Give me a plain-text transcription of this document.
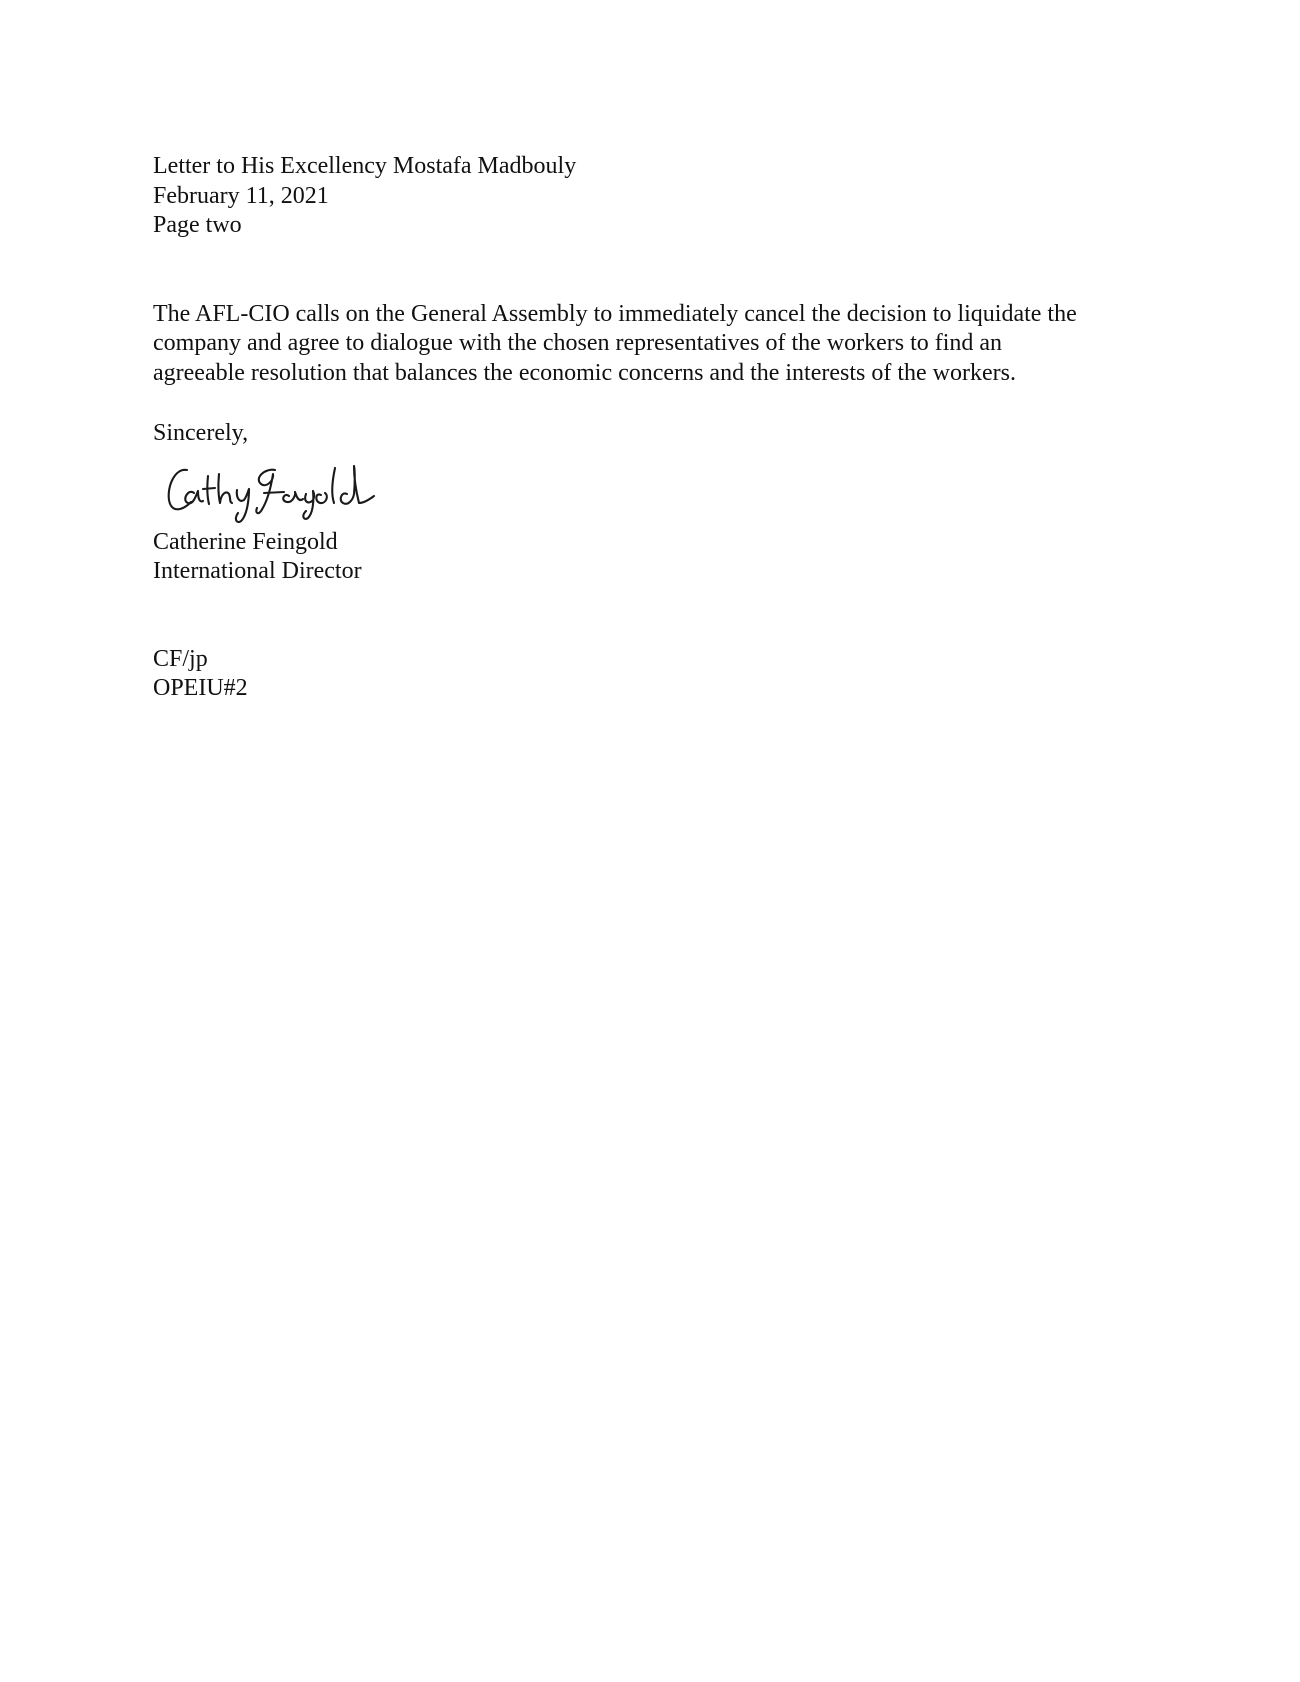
Letter to His Excellency Mostafa Madbouly
February 11, 2021
Page two
The AFL-CIO calls on the General Assembly to immediately cancel the decision to liquidate the
company and agree to dialogue with the chosen representatives of the workers to find an
agreeable resolution that balances the economic concerns and the interests of the workers.
Sincerely,
Catherine Feingold
International Director
CF/jp
OPEIU#2
